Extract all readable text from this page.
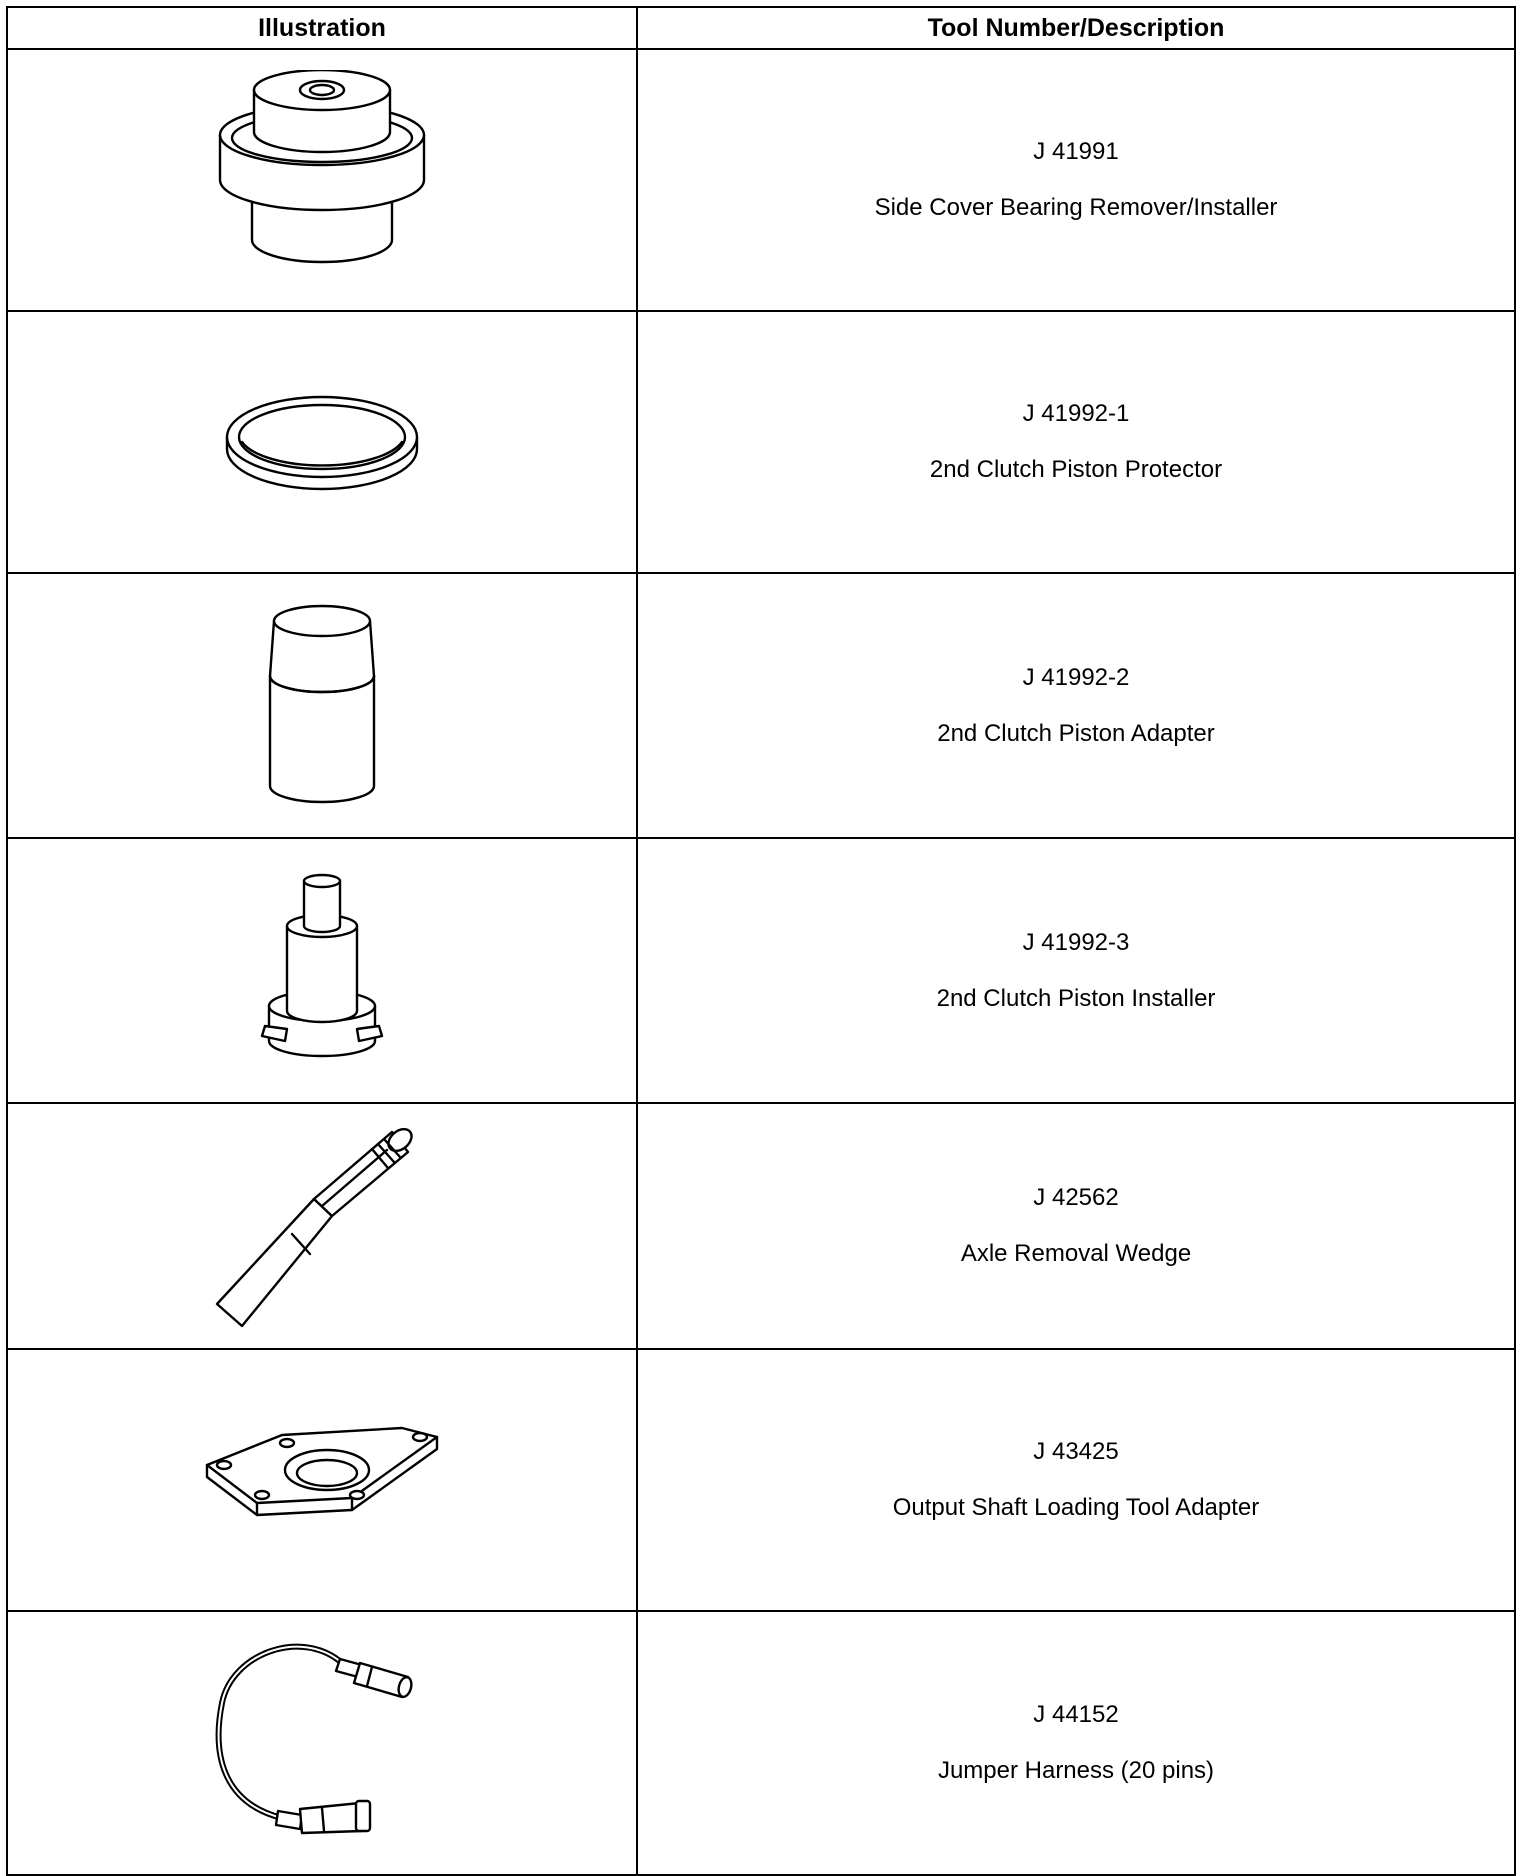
Illustration	Tool Number/Description

J 41991
Side Cover Bearing Remover/Installer

J 41992-1
2nd Clutch Piston Protector

J 41992-2
2nd Clutch Piston Adapter

J 41992-3
2nd Clutch Piston Installer

J 42562
Axle Removal Wedge

J 43425
Output Shaft Loading Tool Adapter

J 44152
Jumper Harness (20 pins)
